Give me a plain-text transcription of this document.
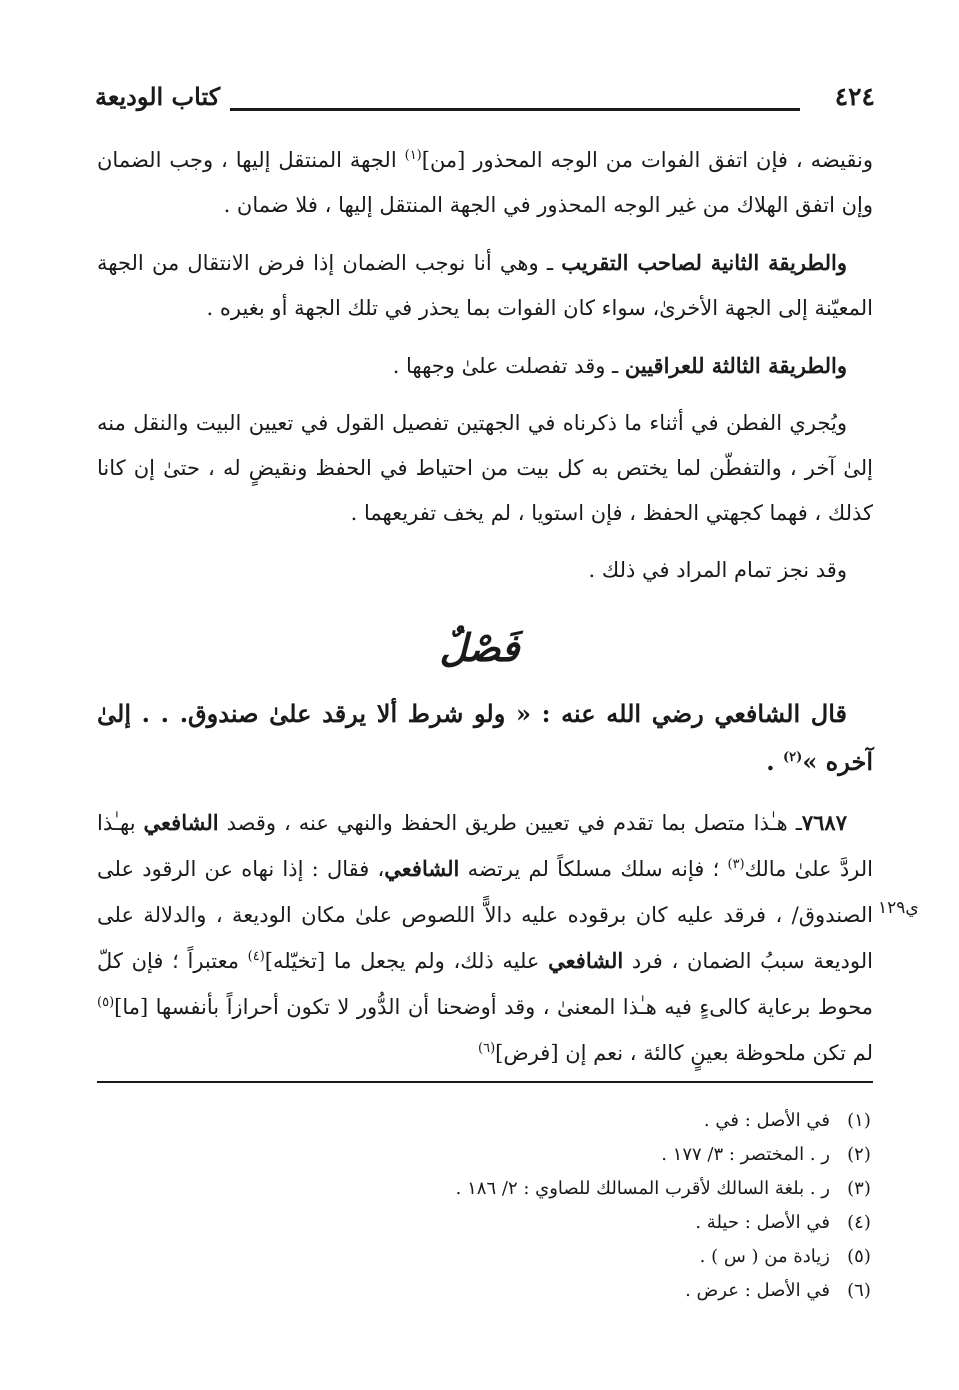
٤٢٤
كتاب الوديعة

ونقيضه ، فإن اتفق الفوات من الوجه المحذور [من]$^{(١)}$ الجهة المنتقل إليها ، وجب الضمان وإن اتفق الهلاك من غير الوجه المحذور في الجهة المنتقل إليها ، فلا ضمان .

والطريقة الثانية لصاحب التقريب ـ وهي أنا نوجب الضمان إذا فرض الانتقال من الجهة المعيّنة إلى الجهة الأخرىٰ، سواء كان الفوات بما يحذر في تلك الجهة أو بغيره .

والطريقة الثالثة للعراقيين ـ وقد تفصلت علىٰ وجهها .

ويُجري الفطن في أثناء ما ذكرناه في الجهتين تفصيل القول في تعيين البيت والنقل منه إلىٰ آخر ، والتفطّن لما يختص به كل بيت من احتياط في الحفظ ونقيضٍ له ، حتىٰ إن كانا كذلك ، فهما كجهتي الحفظ ، فإن استويا ، لم يخف تفريعهما .

وقد نجز تمام المراد في ذلك .

فَصْلٌ
قال الشافعي رضي الله عنه : « ولو شرط ألا يرقد علىٰ صندوق. . . إلىٰ آخره »$^{(٢)}$ .

٧٦٨٧ـ هـٰذا متصل بما تقدم في تعيين طريق الحفظ والنهي عنه ، وقصد الشافعي بهـٰذا الردَّ علىٰ مالك$^{(٣)}$ ؛ فإنه سلك مسلكاً لم يرتضه الشافعي، فقال : إذا نهاه عن الرقود على الصندوق/ ، فرقد عليه كان برقوده عليه دالاًّ اللصوص علىٰ مكان الوديعة ، والدلالة على الوديعة سببُ الضمان ، فرد الشافعي عليه ذلك، ولم يجعل ما [تخيّله]$^{(٤)}$ معتبراً ؛ فإن كلّ محوط برعاية كالىءٍ فيه هـٰذا المعنىٰ ، وقد أوضحنا أن الدُّور لا تكون أحرازاً بأنفسها [ما]$^{(٥)}$ لم تكن ملحوظة بعينٍ كالئة ، نعم إن [فرض]$^{(٦)}$

ي١٢٩
(١)
في الأصل : في .
(٢)
ر . المختصر : ٣/ ١٧٧ .
(٣)
ر . بلغة السالك لأقرب المسالك للصاوي : ٢/ ١٨٦ .
(٤)
في الأصل : حيلة .
(٥)
زيادة من ( س ) .
(٦)
في الأصل : عرض .
